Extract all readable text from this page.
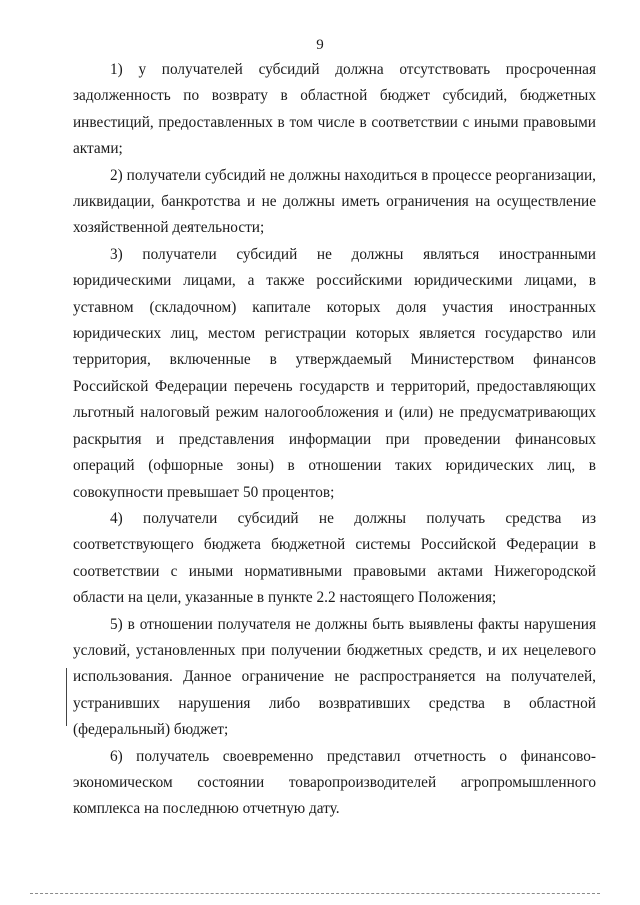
9

1) у получателей субсидий должна отсутствовать просроченная задолженность по возврату в областной бюджет субсидий, бюджетных инвестиций, предоставленных в том числе в соответствии с иными правовыми актами;

2) получатели субсидий не должны находиться в процессе реорганизации, ликвидации, банкротства и не должны иметь ограничения на осуществление хозяйственной деятельности;

3) получатели субсидий не должны являться иностранными юридическими лицами, а также российскими юридическими лицами, в уставном (складочном) капитале которых доля участия иностранных юридических лиц, местом регистрации которых является государство или территория, включенные в утверждаемый Министерством финансов Российской Федерации перечень государств и территорий, предоставляющих льготный налоговый режим налогообложения и (или) не предусматривающих раскрытия и представления информации при проведении финансовых операций (офшорные зоны) в отношении таких юридических лиц, в совокупности превышает 50 процентов;

4) получатели субсидий не должны получать средства из соответствующего бюджета бюджетной системы Российской Федерации в соответствии с иными нормативными правовыми актами Нижегородской области на цели, указанные в пункте 2.2 настоящего Положения;

5) в отношении получателя не должны быть выявлены факты нарушения условий, установленных при получении бюджетных средств, и их нецелевого использования. Данное ограничение не распространяется на получателей, устранивших нарушения либо возвративших средства в областной (федеральный) бюджет;

6) получатель своевременно представил отчетность о финансово-экономическом состоянии товаропроизводителей агропромышленного комплекса на последнюю отчетную дату.
